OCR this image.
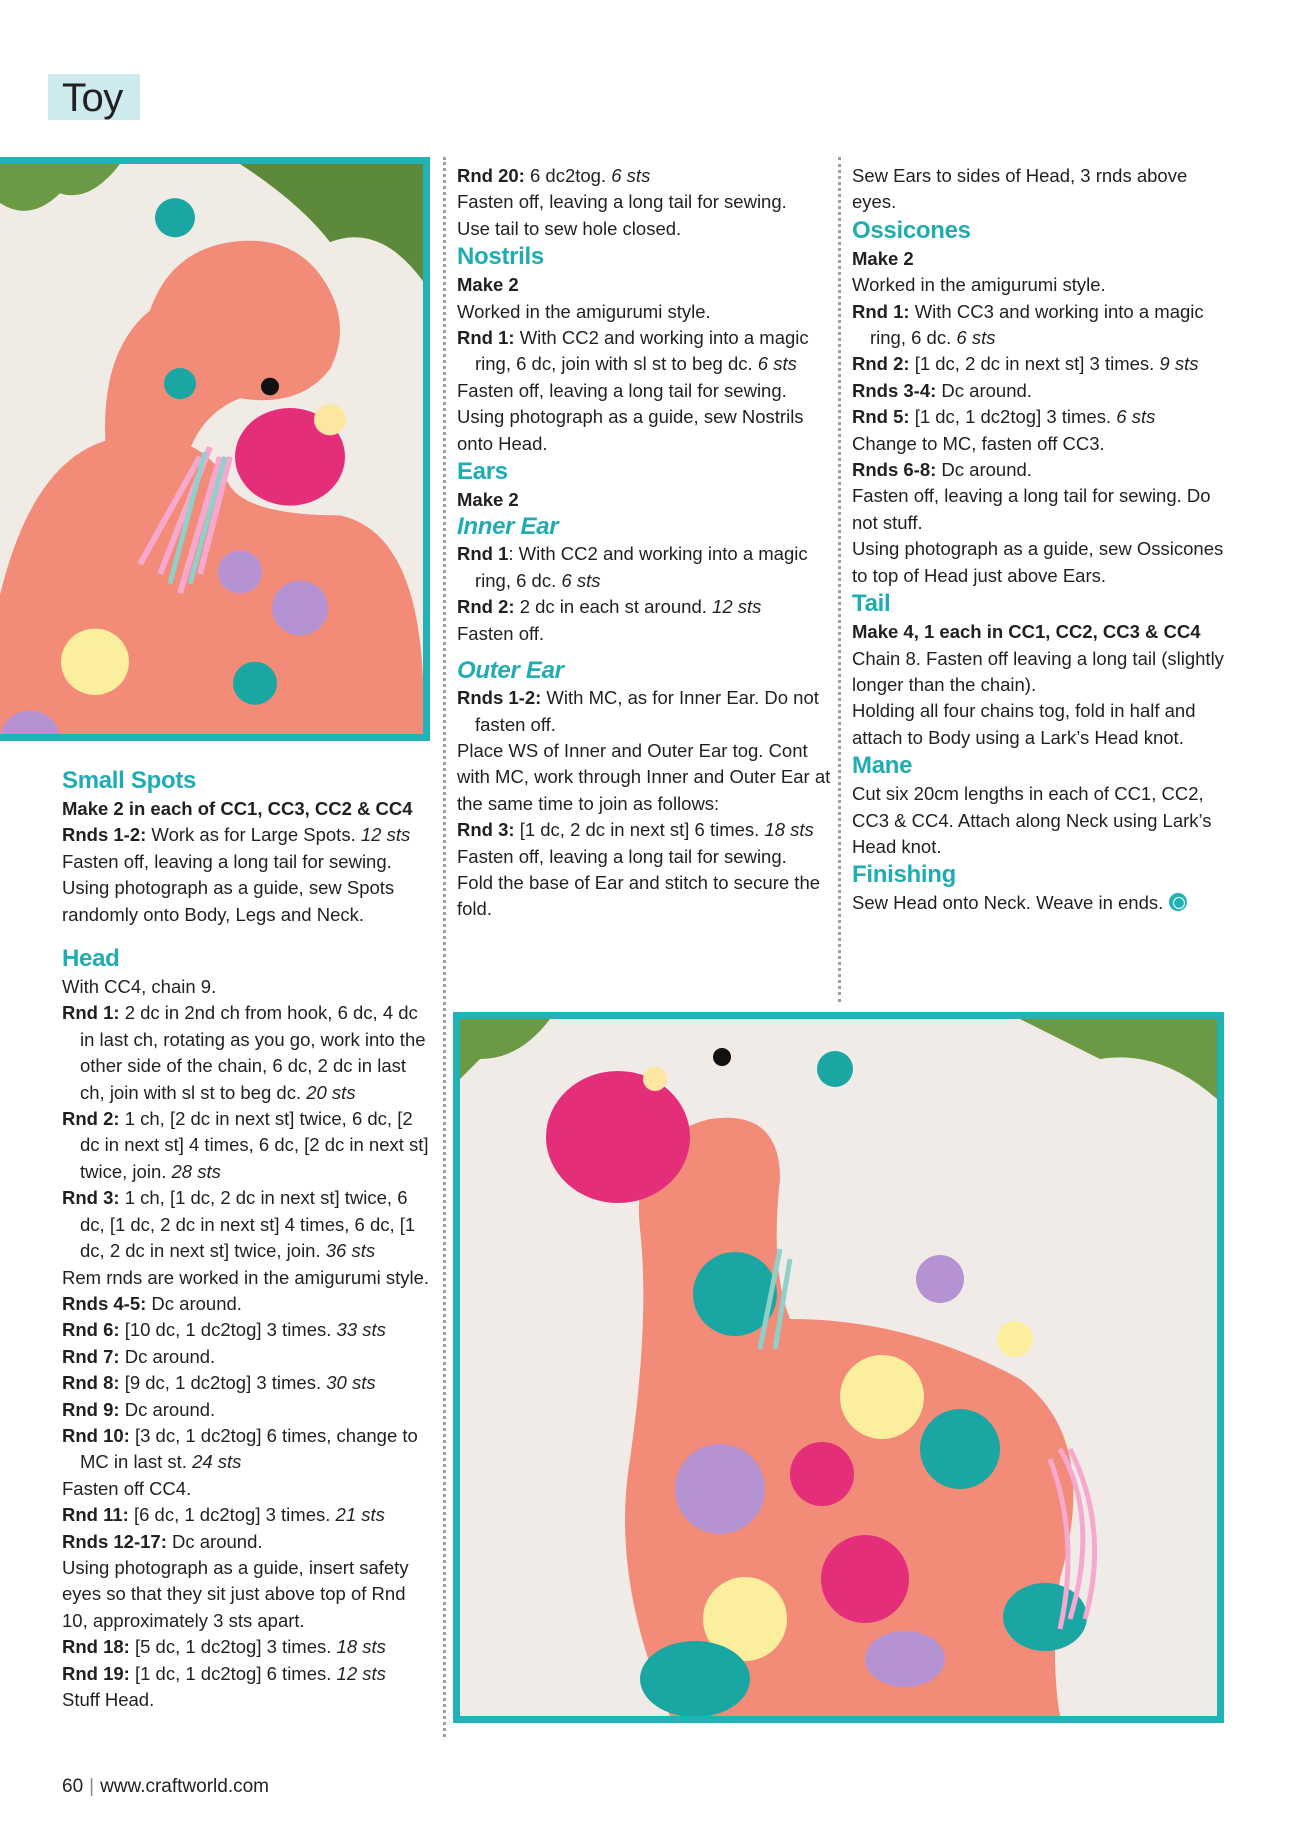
Toy

Small Spots

Make 2 in each of CC1, CC3, CC2 & CC4

Rnds 1-2: Work as for Large Spots. 12 sts

Fasten off, leaving a long tail for sewing.

Using photograph as a guide, sew Spots randomly onto Body, Legs and Neck.

Head

With CC4, chain 9.

Rnd 1: 2 dc in 2nd ch from hook, 6 dc, 4 dc in last ch, rotating as you go, work into the other side of the chain, 6 dc, 2 dc in last ch, join with sl st to beg dc. 20 sts

Rnd 2: 1 ch, [2 dc in next st] twice, 6 dc, [2 dc in next st] 4 times, 6 dc, [2 dc in next st] twice, join. 28 sts

Rnd 3: 1 ch, [1 dc, 2 dc in next st] twice, 6 dc, [1 dc, 2 dc in next st] 4 times, 6 dc, [1 dc, 2 dc in next st] twice, join. 36 sts

Rem rnds are worked in the amigurumi style.

Rnds 4-5: Dc around.

Rnd 6: [10 dc, 1 dc2tog] 3 times. 33 sts

Rnd 7: Dc around.

Rnd 8: [9 dc, 1 dc2tog] 3 times. 30 sts

Rnd 9: Dc around.

Rnd 10: [3 dc, 1 dc2tog] 6 times, change to MC in last st. 24 sts

Fasten off CC4.

Rnd 11: [6 dc, 1 dc2tog] 3 times. 21 sts

Rnds 12-17: Dc around.

Using photograph as a guide, insert safety eyes so that they sit just above top of Rnd 10, approximately 3 sts apart.

Rnd 18: [5 dc, 1 dc2tog] 3 times. 18 sts

Rnd 19: [1 dc, 1 dc2tog] 6 times. 12 sts

Stuff Head.

Rnd 20: 6 dc2tog. 6 sts

Fasten off, leaving a long tail for sewing.

Use tail to sew hole closed.

Nostrils

Make 2

Worked in the amigurumi style.

Rnd 1: With CC2 and working into a magic ring, 6 dc, join with sl st to beg dc. 6 sts

Fasten off, leaving a long tail for sewing.

Using photograph as a guide, sew Nostrils onto Head.

Ears

Make 2

Inner Ear

Rnd 1: With CC2 and working into a magic ring, 6 dc. 6 sts

Rnd 2: 2 dc in each st around. 12 sts

Fasten off.

Outer Ear

Rnds 1-2: With MC, as for Inner Ear. Do not fasten off.

Place WS of Inner and Outer Ear tog. Cont with MC, work through Inner and Outer Ear at the same time to join as follows:

Rnd 3: [1 dc, 2 dc in next st] 6 times. 18 sts

Fasten off, leaving a long tail for sewing.

Fold the base of Ear and stitch to secure the fold.

Sew Ears to sides of Head, 3 rnds above eyes.

Ossicones

Make 2

Worked in the amigurumi style.

Rnd 1: With CC3 and working into a magic ring, 6 dc. 6 sts

Rnd 2: [1 dc, 2 dc in next st] 3 times. 9 sts

Rnds 3-4: Dc around.

Rnd 5: [1 dc, 1 dc2tog] 3 times. 6 sts

Change to MC, fasten off CC3.

Rnds 6-8: Dc around.

Fasten off, leaving a long tail for sewing. Do not stuff.

Using photograph as a guide, sew Ossicones to top of Head just above Ears.

Tail

Make 4, 1 each in CC1, CC2, CC3 & CC4

Chain 8. Fasten off leaving a long tail (slightly longer than the chain).

Holding all four chains tog, fold in half and attach to Body using a Lark’s Head knot.

Mane

Cut six 20cm lengths in each of CC1, CC2, CC3 & CC4. Attach along Neck using Lark’s Head knot.

Finishing

Sew Head onto Neck. Weave in ends.

60 | www.craftworld.com
